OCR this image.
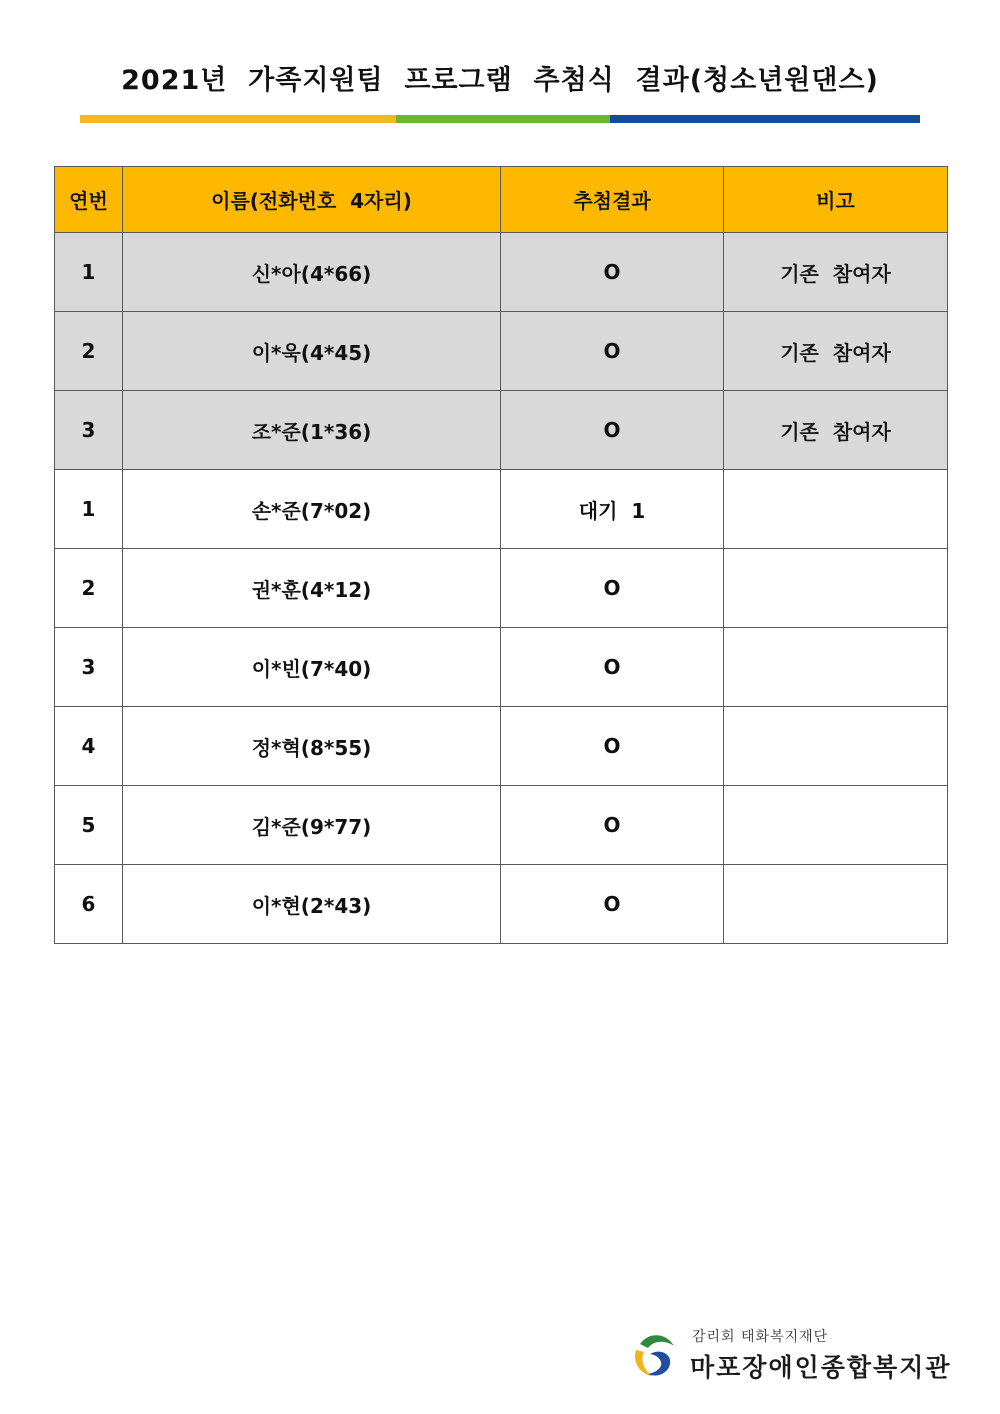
2021년  가족지원팀  프로그램  추첨식  결과(청소년원댄스)
연번	이름(전화번호  4자리)	추첨결과	비고
1	신*아(4*66)	O	기존  참여자
2	이*욱(4*45)	O	기존  참여자
3	조*준(1*36)	O	기존  참여자
1	손*준(7*02)	대기  1	
2	권*훈(4*12)	O	
3	이*빈(7*40)	O	
4	정*혁(8*55)	O	
5	김*준(9*77)	O	
6	이*현(2*43)	O	
감리회 태화복지재단
마포장애인종합복지관
